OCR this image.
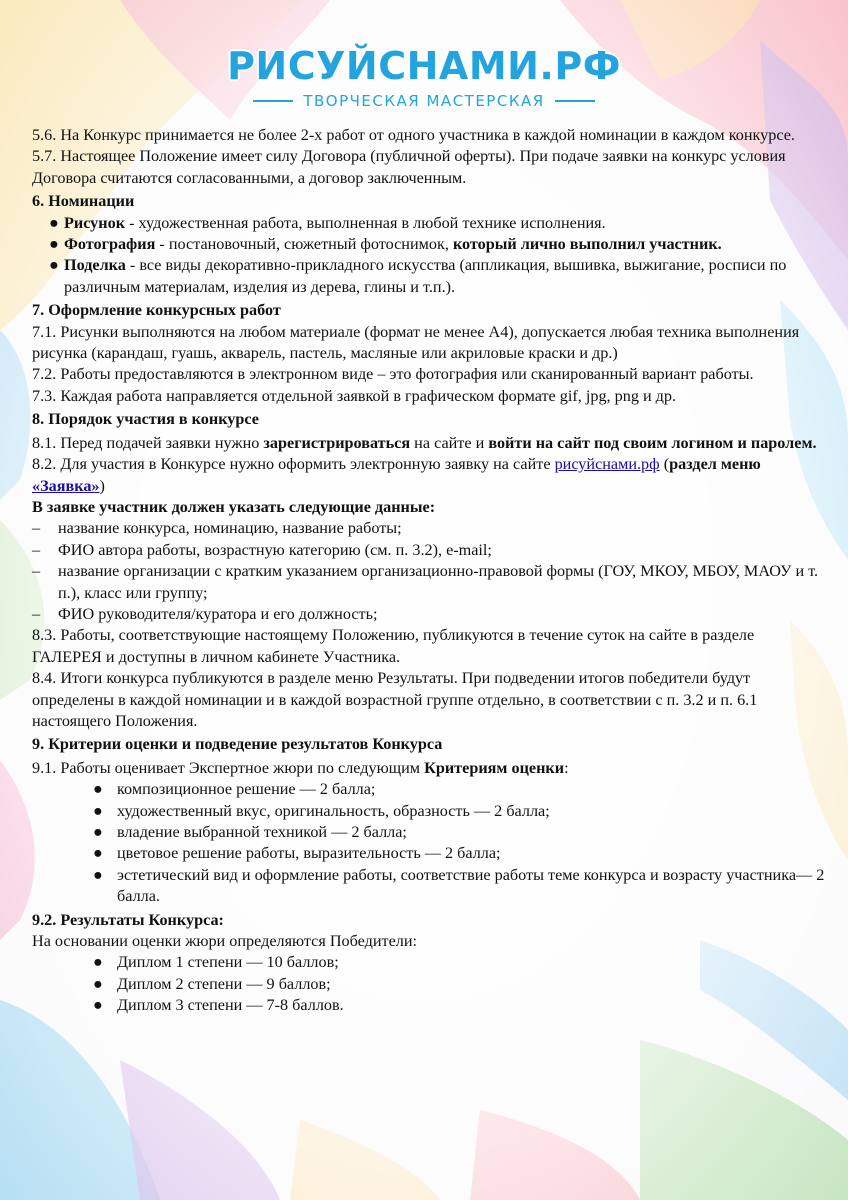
РИСУЙСНАМИ.РФ
ТВОРЧЕСКАЯ МАСТЕРСКАЯ

5.6. На Конкурс принимается не более 2-х работ от одного участника в каждой номинации в каждом конкурсе.

5.7. Настоящее Положение имеет силу Договора (публичной оферты). При подаче заявки на конкурс условия Договора считаются согласованными, а договор заключенным.

6. Номинации

● Рисунок - художественная работа, выполненная в любой технике исполнения.
● Фотография - постановочный, сюжетный фотоснимок, который лично выполнил участник.
● Поделка - все виды декоративно-прикладного искусства (аппликация, вышивка, выжигание, росписи по различным материалам, изделия из дерева, глины и т.п.).

7. Оформление конкурсных работ

7.1. Рисунки выполняются на любом материале (формат не менее А4), допускается любая техника выполнения рисунка (карандаш, гуашь, акварель, пастель, масляные или акриловые краски и др.)

7.2. Работы предоставляются в электронном виде – это фотография или сканированный вариант работы.

7.3. Каждая работа направляется отдельной заявкой в графическом формате gif, jpg, png и др.

8. Порядок участия в конкурсе

8.1. Перед подачей заявки нужно зарегистрироваться на сайте и войти на сайт под своим логином и паролем.

8.2. Для участия в Конкурсе нужно оформить электронную заявку на сайте рисуйснами.рф (раздел меню «Заявка»)

В заявке участник должен указать следующие данные:

– название конкурса, номинацию, название работы;
– ФИО автора работы, возрастную категорию (см. п. 3.2), e-mail;
– название организации с кратким указанием организационно-правовой формы (ГОУ, МКОУ, МБОУ, МАОУ и т. п.), класс или группу;
– ФИО руководителя/куратора и его должность;

8.3. Работы, соответствующие настоящему Положению, публикуются в течение суток на сайте в разделе ГАЛЕРЕЯ и доступны в личном кабинете Участника.

8.4. Итоги конкурса публикуются в разделе меню Результаты. При подведении итогов победители будут определены в каждой номинации и в каждой возрастной группе отдельно, в соответствии с п. 3.2 и п. 6.1 настоящего Положения.

9. Критерии оценки и подведение результатов Конкурса

9.1. Работы оценивает Экспертное жюри по следующим Критериям оценки:

● композиционное решение — 2 балла;
● художественный вкус, оригинальность, образность — 2 балла;
● владение выбранной техникой — 2 балла;
● цветовое решение работы, выразительность — 2 балла;
● эстетический вид и оформление работы, соответствие работы теме конкурса и возрасту участника— 2 балла.

9.2. Результаты Конкурса:

На основании оценки жюри определяются Победители:

● Диплом 1 степени — 10 баллов;
● Диплом 2 степени — 9 баллов;
● Диплом 3 степени — 7-8 баллов.
